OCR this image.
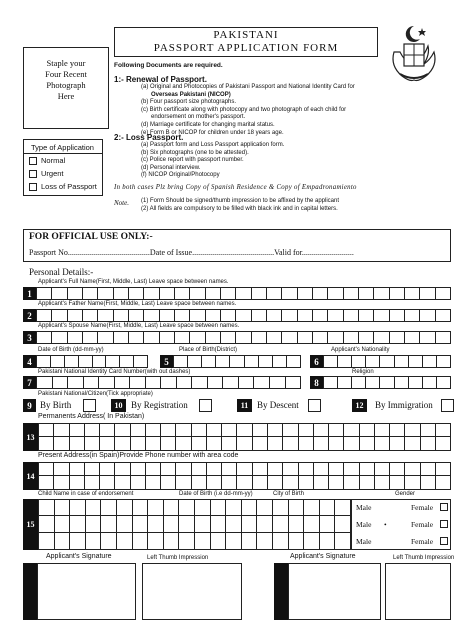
PAKISTANI
PASSPORT APPLICATION FORM
Staple your
Four Recent
Photograph
Here
Type of Application
Normal
Urgent
Loss of Passport
Following Documents are required.
1:- Renewal of Passport.
(a) Original and Photocopies of Pakistani Passport and National Identity Card for
Overseas Pakistani (NICOP)
(b) Four passport size photographs.
(c) Birth certificate along with photocopy and two photograph of each child for
endorsement on mother's passport.
(d) Marriage certificate for changing marital status.
(e) Form B or NICOP for children under 18 years age.
2:- Loss Passport.
(a) Passport form and Loss Passport application form.
(b) Six photographs (one to be attested).
(c) Police report with passport number.
(d) Personal interview.
(f) NICOP Original/Photocopy
In both cases Plz bring Copy of Spanish Residence & Copy of Empadronamiento
Note. (1) Form Should be signed/thumb impression to be affixed by the applicant
(2) All fields are compulsory to be filled with black ink and in capital letters.
FOR OFFICIAL USE ONLY:-
Passport No.........................................Date of Issue.........................................Valid for..........................
Personal Details:-
Applicant's Full Name(First, Middle, Last) Leave space between names.
1
Applicant's Father Name(First, Middle, Last) Leave space between names.
2
Applicant's Spouse Name(First, Middle, Last) Leave space between names.
3
Date of Birth (dd-mm-yy)	Place of Birth(District)	Applicant's Nationality
4	5	6
Pakistani National Identity Card Number(with out dashes)	Religion
7	8
Pakistani National/Citizen(Tick appropriate)
9 By Birth	10 By Registration	11 By Descent	12	By Immigration
Permanents Address( In Pakistan)
13
Present Address(in Spain)Provide Phone number with area code
14
Child Name in case of endorsement	Date of Birth (i.e dd-mm-yy)	City of Birth	Gender
15
Male	Female
Male •	Female
Male	Female
Applicant's Signature	Left Thumb Impression	Applicant's Signature	Left Thumb Impression
Designed by Rahmat
